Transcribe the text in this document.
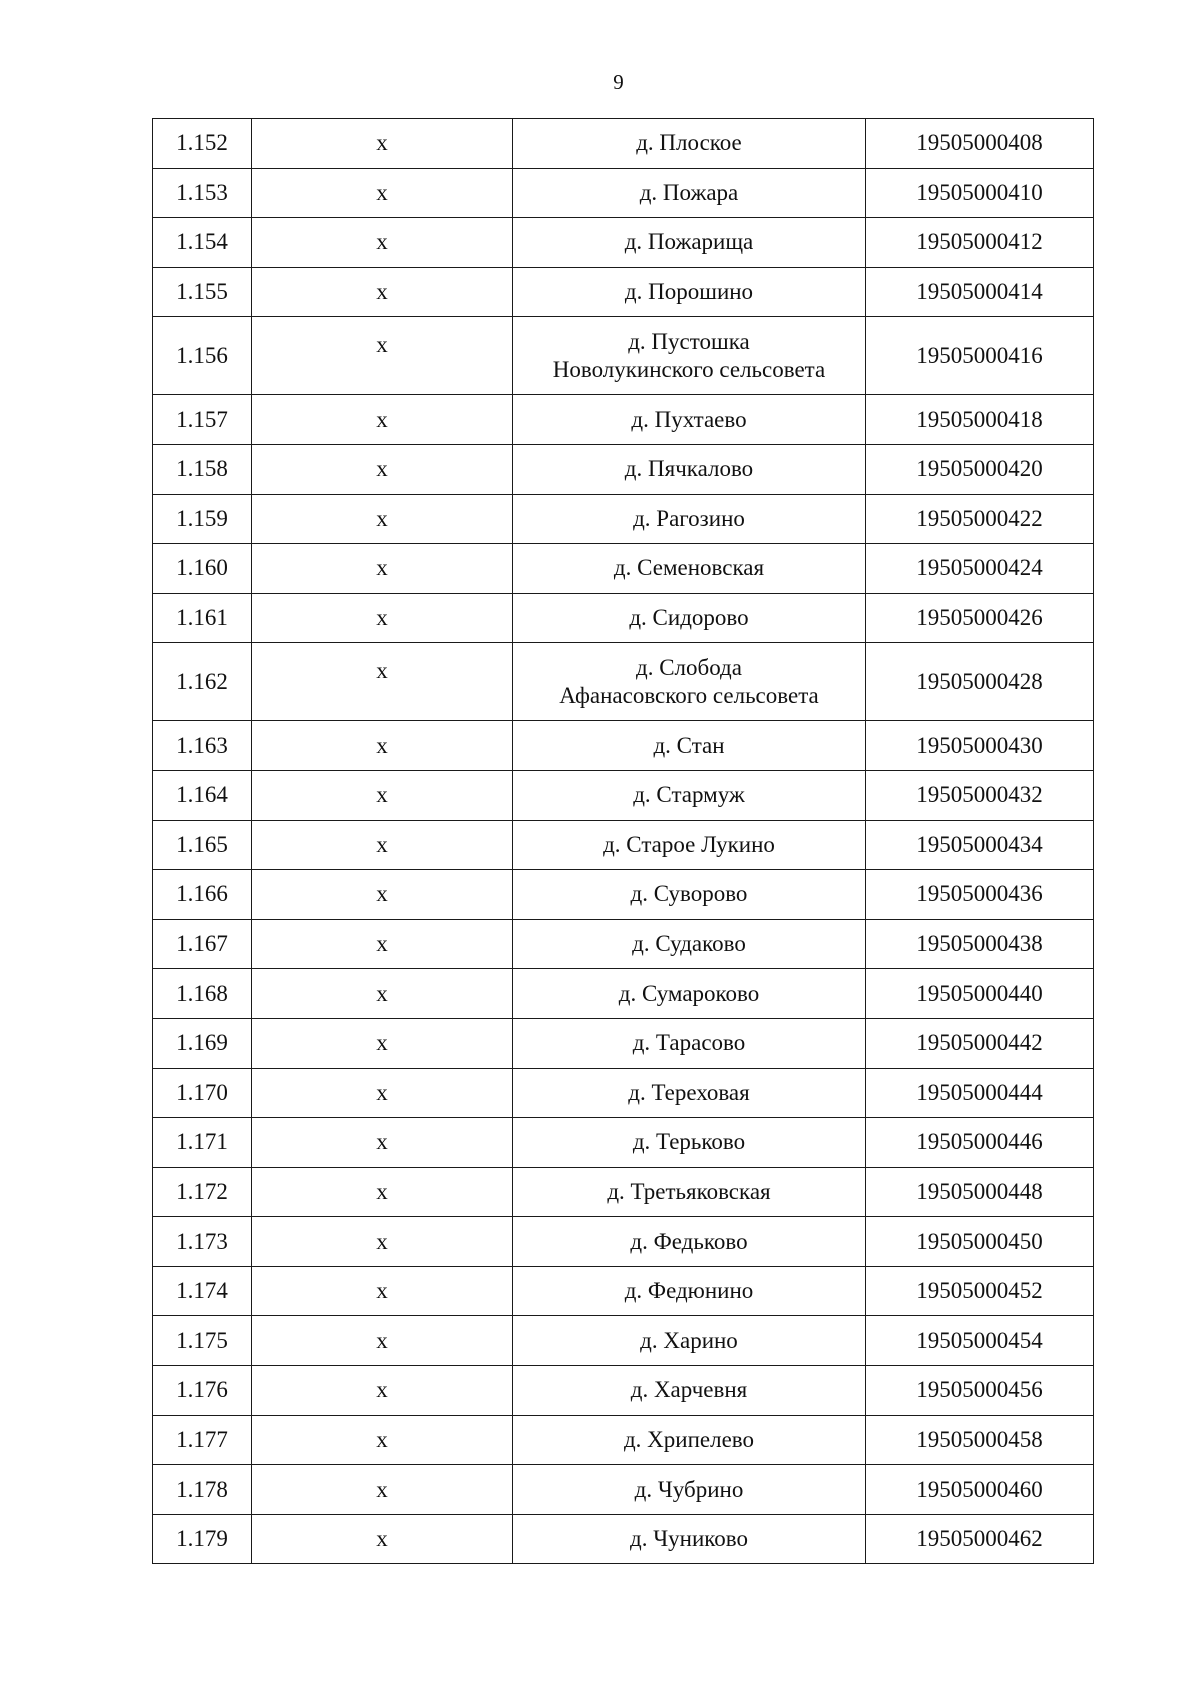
9
1.152	x	д. Плоское	19505000408
1.153	x	д. Пожара	19505000410
1.154	x	д. Пожарища	19505000412
1.155	x	д. Порошино	19505000414
1.156	x	д. Пустошка
Новолукинского сельсовета	19505000416
1.157	x	д. Пухтаево	19505000418
1.158	x	д. Пячкалово	19505000420
1.159	x	д. Рагозино	19505000422
1.160	x	д. Семеновская	19505000424
1.161	x	д. Сидорово	19505000426
1.162	x	д. Слобода
Афанасовского сельсовета	19505000428
1.163	x	д. Стан	19505000430
1.164	x	д. Стармуж	19505000432
1.165	x	д. Старое Лукино	19505000434
1.166	x	д. Суворово	19505000436
1.167	x	д. Судаково	19505000438
1.168	x	д. Сумароково	19505000440
1.169	x	д. Тарасово	19505000442
1.170	x	д. Тереховая	19505000444
1.171	x	д. Терьково	19505000446
1.172	x	д. Третьяковская	19505000448
1.173	x	д. Федьково	19505000450
1.174	x	д. Федюнино	19505000452
1.175	x	д. Харино	19505000454
1.176	x	д. Харчевня	19505000456
1.177	x	д. Хрипелево	19505000458
1.178	x	д. Чубрино	19505000460
1.179	x	д. Чуниково	19505000462
